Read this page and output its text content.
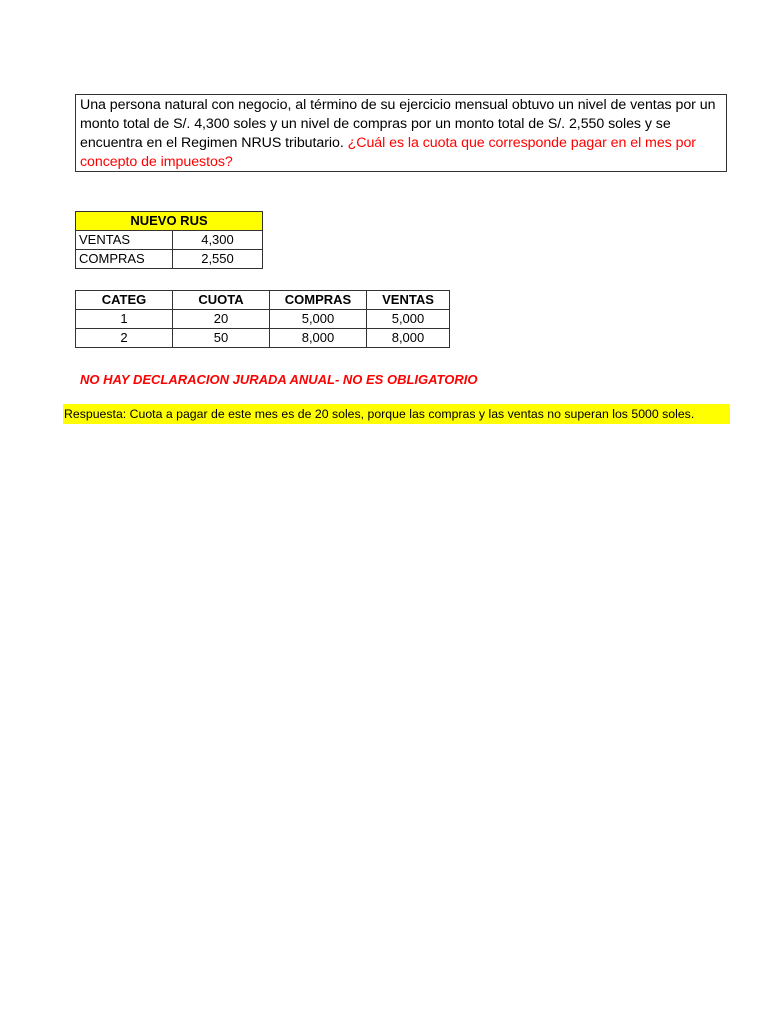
Una persona natural con negocio, al término de su ejercicio mensual obtuvo un nivel de ventas por un monto total de S/. 4,300 soles y un nivel de compras por un monto total de S/. 2,550 soles y se encuentra en el Regimen NRUS tributario. ¿Cuál es la cuota que corresponde pagar en el mes por concepto de impuestos?
NUEVO RUS	
VENTAS	4,300
COMPRAS	2,550
CATEG	CUOTA	COMPRAS	VENTAS
1	20	5,000	5,000
2	50	8,000	8,000
NO HAY DECLARACION JURADA ANUAL- NO ES OBLIGATORIO
Respuesta: Cuota a pagar de este mes es de 20 soles, porque las compras y las ventas no superan los 5000 soles.
